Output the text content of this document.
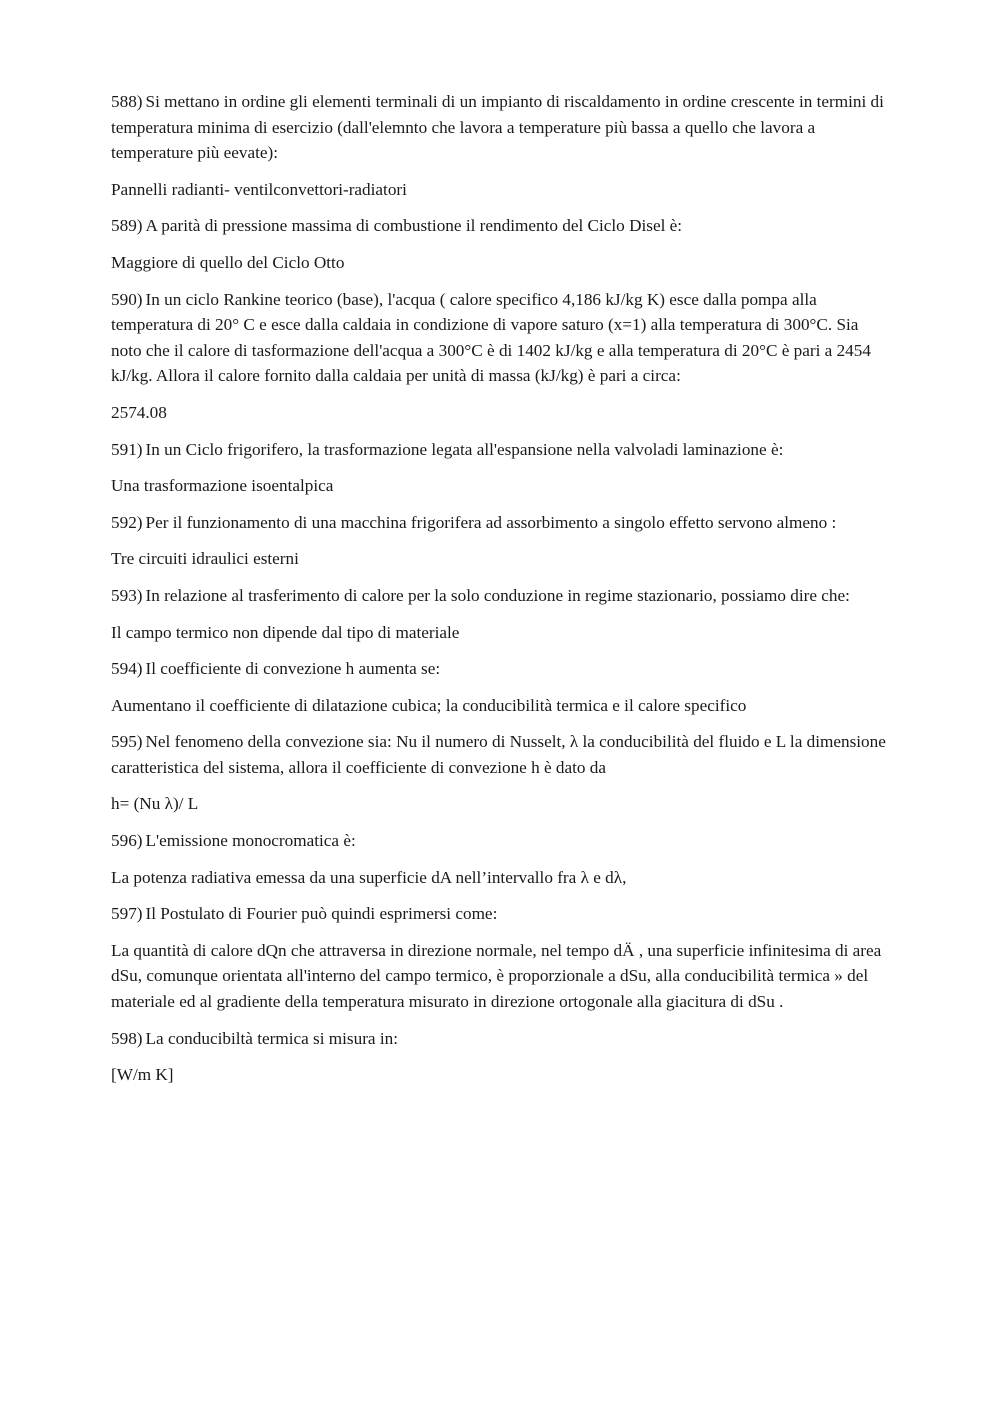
588) Si mettano in ordine gli elementi terminali di un impianto di riscaldamento in ordine crescente in termini di temperatura minima di esercizio (dall'elemnto che lavora a temperature più bassa a quello che lavora a temperature più eevate):

Pannelli radianti- ventilconvettori-radiatori

589) A parità di pressione massima di combustione il rendimento del Ciclo Disel è:

Maggiore di quello del Ciclo Otto

590) In un ciclo Rankine teorico (base), l'acqua ( calore specifico 4,186 kJ/kg K) esce dalla pompa alla temperatura di 20° C e esce dalla caldaia in condizione di vapore saturo (x=1) alla temperatura di 300°C. Sia noto che il calore di tasformazione dell'acqua a 300°C è di 1402 kJ/kg e alla temperatura di 20°C è pari a 2454 kJ/kg. Allora il calore fornito dalla caldaia per unità di massa (kJ/kg) è pari a circa:

2574.08

591) In un Ciclo frigorifero, la trasformazione legata all'espansione nella valvoladi laminazione è:

Una trasformazione isoentalpica

592) Per il funzionamento di una macchina frigorifera ad assorbimento a singolo effetto servono almeno :

Tre circuiti idraulici esterni

593) In relazione al trasferimento di calore per la solo conduzione in regime stazionario, possiamo dire che:

Il campo termico non dipende dal tipo di materiale

594) Il coefficiente di convezione h aumenta se:

Aumentano il coefficiente di dilatazione cubica; la conducibilità termica e il calore specifico

595) Nel fenomeno della convezione sia: Nu il numero di Nusselt, λ la conducibilità del fluido e L la dimensione caratteristica del sistema, allora il coefficiente di convezione h è dato da

h= (Nu λ)/ L

596) L'emissione monocromatica è:

La potenza radiativa emessa da una superficie dA nell’intervallo fra λ e dλ,

597) Il Postulato di Fourier può quindi esprimersi come:

La quantità di calore dQn che attraversa in direzione normale, nel tempo dÄ , una superficie infinitesima di area dSu, comunque orientata all'interno del campo termico, è proporzionale a dSu, alla conducibilità termica » del materiale ed al gradiente della temperatura misurato in direzione ortogonale alla giacitura di dSu .

598) La conducibiltà termica si misura in:

[W/m K]
